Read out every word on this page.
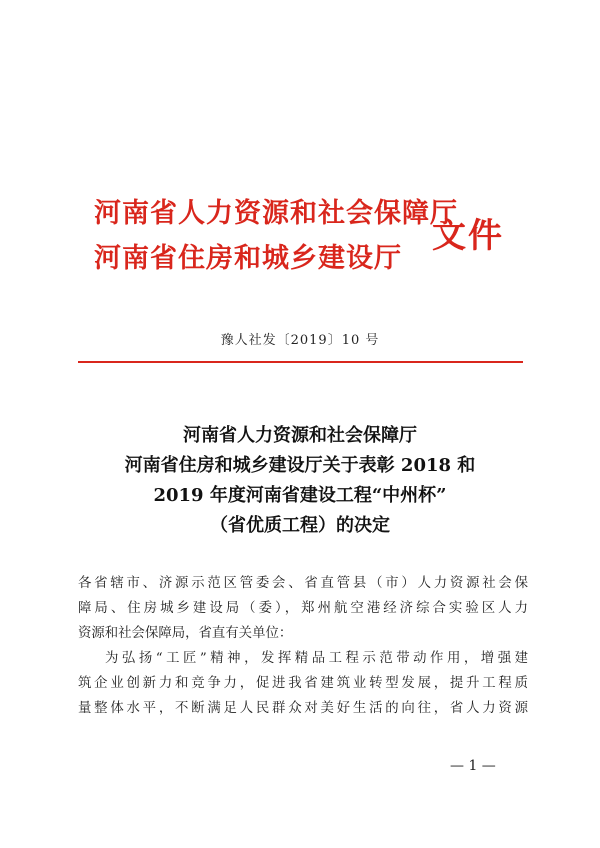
河南省人力资源和社会保障厅
河南省住房和城乡建设厅
文件
豫人社发〔2019〕10 号
河南省人力资源和社会保障厅
河南省住房和城乡建设厅关于表彰 2018 和
2019 年度河南省建设工程“中州杯”
（省优质工程）的决定

各省辖市、济源示范区管委会、省直管县（市）人力资源社会保

障局、住房城乡建设局（委），郑州航空港经济综合实验区人力

资源和社会保障局，省直有关单位：

为弘扬“工匠”精神，发挥精品工程示范带动作用，增强建

筑企业创新力和竞争力，促进我省建筑业转型发展，提升工程质

量整体水平，不断满足人民群众对美好生活的向往，省人力资源

— 1 —
